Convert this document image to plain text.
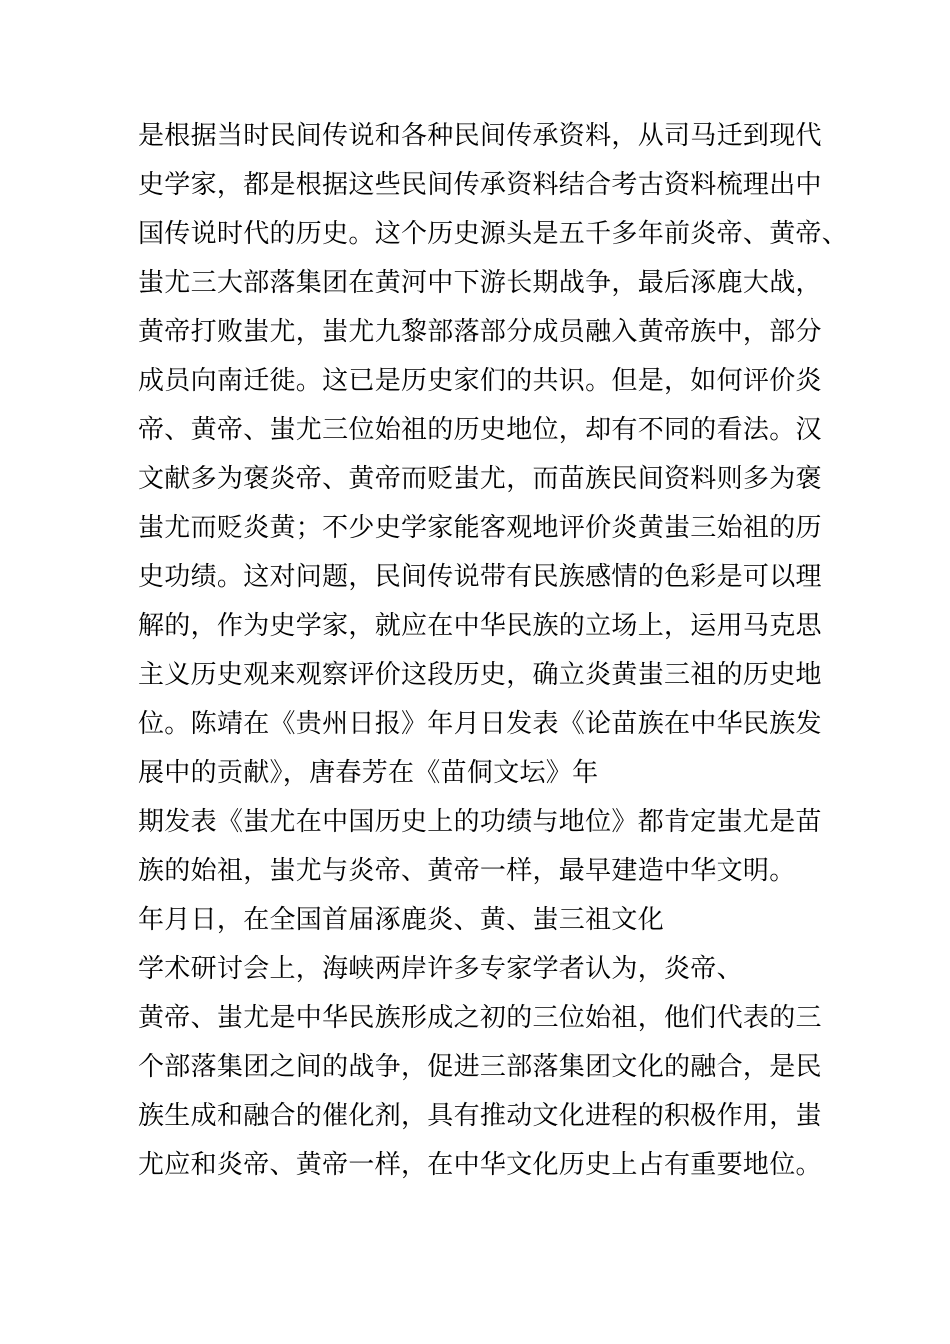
是根据当时民间传说和各种民间传承资料，从司马迁到现代
史学家，都是根据这些民间传承资料结合考古资料梳理出中
国传说时代的历史。这个历史源头是五千多年前炎帝、黄帝、
蚩尤三大部落集团在黄河中下游长期战争，最后涿鹿大战，
黄帝打败蚩尤，蚩尤九黎部落部分成员融入黄帝族中，部分
成员向南迁徙。这已是历史家们的共识。但是，如何评价炎
帝、黄帝、蚩尤三位始祖的历史地位，却有不同的看法。汉
文献多为褒炎帝、黄帝而贬蚩尤，而苗族民间资料则多为褒
蚩尤而贬炎黄；不少史学家能客观地评价炎黄蚩三始祖的历
史功绩。这对问题，民间传说带有民族感情的色彩是可以理
解的，作为史学家，就应在中华民族的立场上，运用马克思
主义历史观来观察评价这段历史，确立炎黄蚩三祖的历史地
位。陈靖在《贵州日报》年月日发表《论苗族在中华民族发
展中的贡献》，唐春芳在《苗侗文坛》年
期发表《蚩尤在中国历史上的功绩与地位》都肯定蚩尤是苗
族的始祖，蚩尤与炎帝、黄帝一样，最早建造中华文明。
年月日，在全国首届涿鹿炎、黄、蚩三祖文化
学术研讨会上，海峡两岸许多专家学者认为，炎帝、
黄帝、蚩尤是中华民族形成之初的三位始祖，他们代表的三
个部落集团之间的战争，促进三部落集团文化的融合，是民
族生成和融合的催化剂，具有推动文化进程的积极作用，蚩
尤应和炎帝、黄帝一样，在中华文化历史上占有重要地位。
